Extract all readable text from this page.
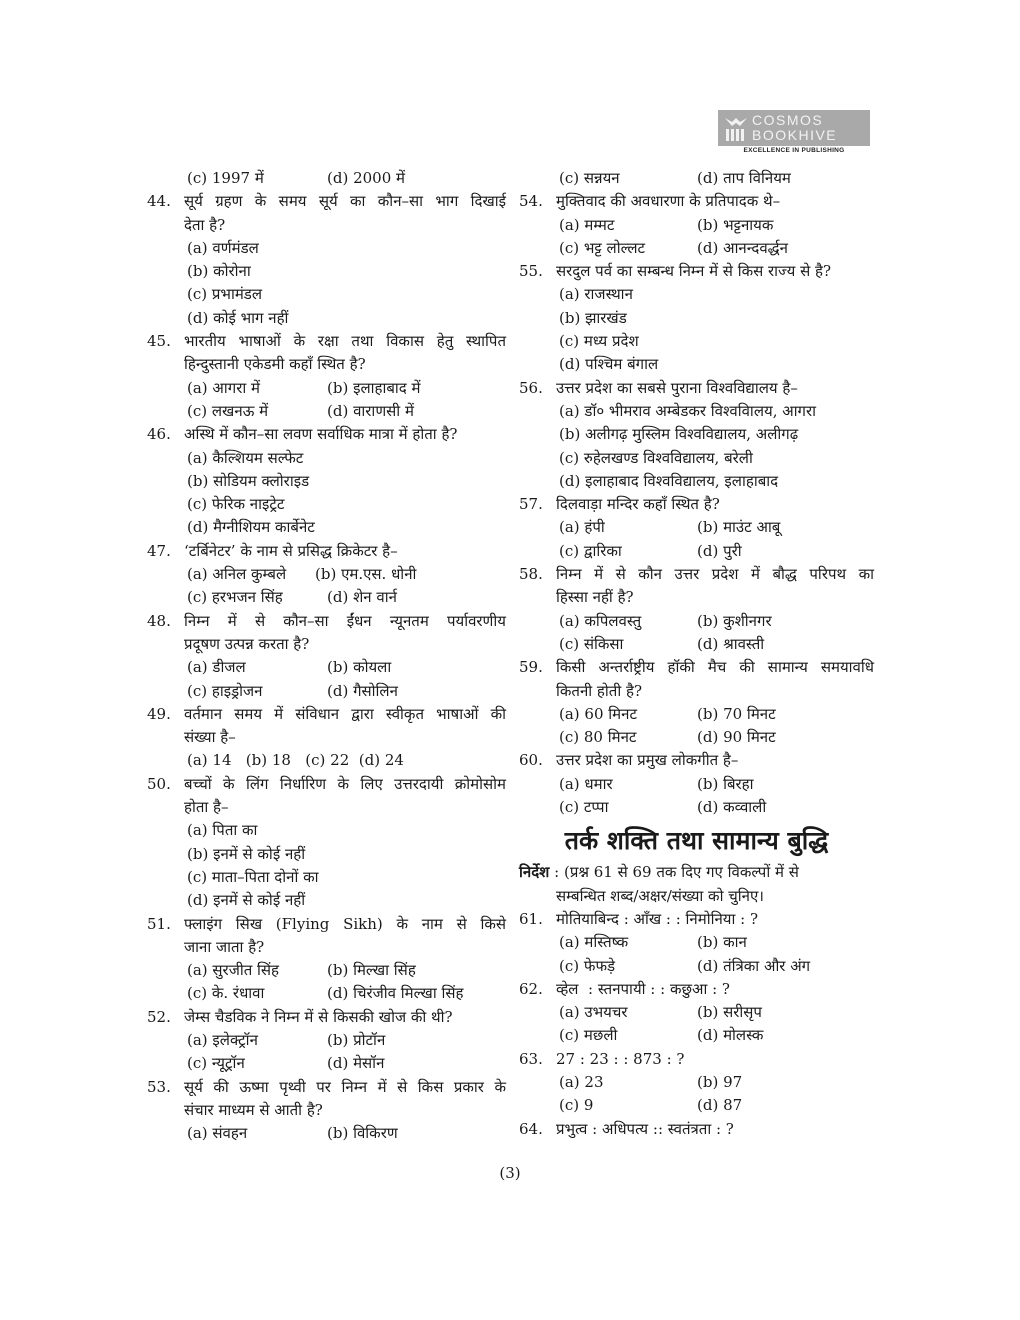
COSMOS
BOOKHIVE
EXCELLENCE IN PUBLISHING
(c) 1997 में	(d) 2000 में
44. सूर्य ग्रहण के समय सूर्य का कौन–सा भाग दिखाई
देता है?
(a) वर्णमंडल
(b) कोरोना
(c) प्रभामंडल
(d) कोई भाग नहीं
45. भारतीय भाषाओं के रक्षा तथा विकास हेतु स्थापित
हिन्दुस्तानी एकेडमी कहाँ स्थित है?
(a) आगरा में	(b) इलाहाबाद में
(c) लखनऊ में	(d) वाराणसी में
46. अस्थि में कौन–सा लवण सर्वाधिक मात्रा में होता है?
(a) कैल्शियम सल्फेट
(b) सोडियम क्लोराइड
(c) फेरिक नाइट्रेट
(d) मैग्नीशियम कार्बेनेट
47. ‘टर्बिनेटर’ के नाम से प्रसिद्ध क्रिकेटर है–
(a) अनिल कुम्बले (b) एम.एस. धोनी
(c) हरभजन सिंह	(d) शेन वार्न
48. निम्न में से कौन–सा ईंधन न्यूनतम पर्यावरणीय
प्रदूषण उत्पन्न करता है?
(a) डीजल	(b) कोयला
(c) हाइड्रोजन	(d) गैसोलिन
49. वर्तमान समय में संविधान द्वारा स्वीकृत भाषाओं की
संख्या है–
(a) 14   (b) 18   (c) 22  (d) 24
50. बच्चों के लिंग निर्धारिण के लिए उत्तरदायी क्रोमोसोम
होता है–
(a) पिता का
(b) इनमें से कोई नहीं
(c) माता–पिता दोनों का
(d) इनमें से कोई नहीं
51. फ्लाइंग सिख (Flying Sikh) के नाम से किसे
जाना जाता है?
(a) सुरजीत सिंह	(b) मिल्खा सिंह
(c) के. रंधावा	(d) चिरंजीव मिल्खा सिंह
52. जेम्स चैडविक ने निम्न में से किसकी खोज की थी?
(a) इलेक्ट्रॉन	(b) प्रोटॉन
(c) न्यूट्रॉन	(d) मेसॉन
53. सूर्य की ऊष्मा पृथ्वी पर निम्न में से किस प्रकार के
संचार माध्यम से आती है?
(a) संवहन	(b) विकिरण
(c) सन्नयन	(d) ताप विनियम
54. मुक्तिवाद की अवधारणा के प्रतिपादक थे–
(a) मम्मट	(b) भट्टनायक
(c) भट्ट लोल्लट	(d) आनन्दवर्द्धन
55. सरदुल पर्व का सम्बन्ध निम्न में से किस राज्य से है?
(a) राजस्थान
(b) झारखंड
(c) मध्य प्रदेश
(d) पश्चिम बंगाल
56. उत्तर प्रदेश का सबसे पुराना विश्वविद्यालय है–
(a) डॉ० भीमराव अम्बेडकर विश्वविालय, आगरा
(b) अलीगढ़ मुस्लिम विश्वविद्यालय, अलीगढ़
(c) रुहेलखण्ड विश्वविद्यालय, बरेली
(d) इलाहाबाद विश्वविद्यालय, इलाहाबाद
57. दिलवाड़ा मन्दिर कहाँ स्थित है?
(a) हंपी	(b) माउंट आबू
(c) द्वारिका	(d) पुरी
58. निम्न में से कौन उत्तर प्रदेश में बौद्ध परिपथ का
हिस्सा नहीं है?
(a) कपिलवस्तु	(b) कुशीनगर
(c) संकिसा	(d) श्रावस्ती
59. किसी अन्तर्राष्ट्रीय हॉकी मैच की सामान्य समयावधि
कितनी होती है?
(a) 60 मिनट	(b) 70 मिनट
(c) 80 मिनट	(d) 90 मिनट
60. उत्तर प्रदेश का प्रमुख लोकगीत है–
(a) धमार	(b) बिरहा
(c) टप्पा	(d) कव्वाली
तर्क शक्ति तथा सामान्य बुद्धि
निर्देश : (प्रश्न 61 से 69 तक दिए गए विकल्पों में से
सम्बन्धित शब्द/अक्षर/संख्या को चुनिए।
61. मोतियाबिन्द : आँख : : निमोनिया : ?
(a) मस्तिष्क	(b) कान
(c) फेफड़े	(d) तंत्रिका और अंग
62. व्हेल  : स्तनपायी : : कछुआ : ?
(a) उभयचर	(b) सरीसृप
(c) मछली	(d) मोलस्क
63. 27 : 23 : : 873 : ?
(a) 23	(b) 97
(c) 9	(d) 87
64. प्रभुत्व : अधिपत्य :: स्वतंत्रता : ?
(3)
